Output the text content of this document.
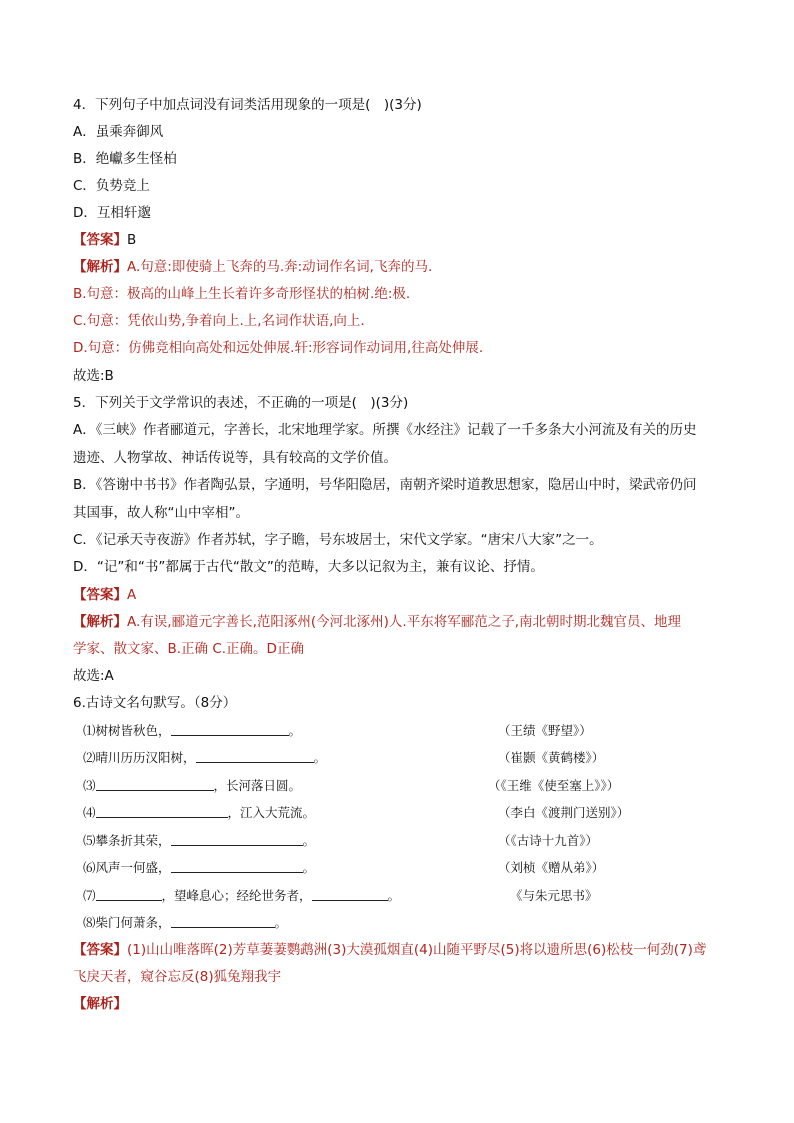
4．下列句子中加点词没有词类活用现象的一项是(　)(3分)
A．虽乘奔御风
B．绝巘多生怪柏
C．负势竞上
D．互相轩邈
【答案】B
【解析】A.句意:即使骑上飞奔的马.奔:动词作名词,飞奔的马.
B.句意：极高的山峰上生长着许多奇形怪状的柏树.绝:极.
C.句意：凭依山势,争着向上.上,名词作状语,向上.
D.句意：仿佛竞相向高处和远处伸展.轩:形容词作动词用,往高处伸展.
故选:B
5．下列关于文学常识的表述，不正确的一项是(　)(3分)
A．《三峡》作者郦道元，字善长，北宋地理学家。所撰《水经注》记载了一千多条大小河流及有关的历史
遗迹、人物掌故、神话传说等，具有较高的文学价值。
B．《答谢中书书》作者陶弘景，字通明，号华阳隐居，南朝齐梁时道教思想家，隐居山中时，梁武帝仍问
其国事，故人称“山中宰相”。
C．《记承天寺夜游》作者苏轼，字子瞻，号东坡居士，宋代文学家。“唐宋八大家”之一。
D．“记”和“书”都属于古代“散文”的范畴，大多以记叙为主，兼有议论、抒情。
【答案】A
【解析】A.有误,郦道元字善长,范阳涿州(今河北涿州)人.平东将军郦范之子,南北朝时期北魏官员、地理
学家、散文家、B.正确 C.正确。D正确
故选:A
6.古诗文名句默写。（8分）
⑴树树皆秋色，	。	（王绩《野望》）
⑵晴川历历汉阳树，	。	（崔颢《黄鹤楼》）
⑶	，长河落日圆。	（《王维《使至塞上》》）
⑷	，江入大荒流。	（李白《渡荆门送别》）
⑸攀条折其荣，	。	（《古诗十九首》）
⑹风声一何盛，	。	（刘桢《赠从弟》）
⑺	，望峰息心；经纶世务者，	。	《与朱元思书》
⑻柴门何萧条，	。
【答案】(1)山山唯落晖(2)芳草萋萋鹦鹉洲(3)大漠孤烟直(4)山随平野尽(5)将以遗所思(6)松枝一何劲(7)鸢
飞戾天者，窥谷忘反(8)狐兔翔我宇
【解析】
